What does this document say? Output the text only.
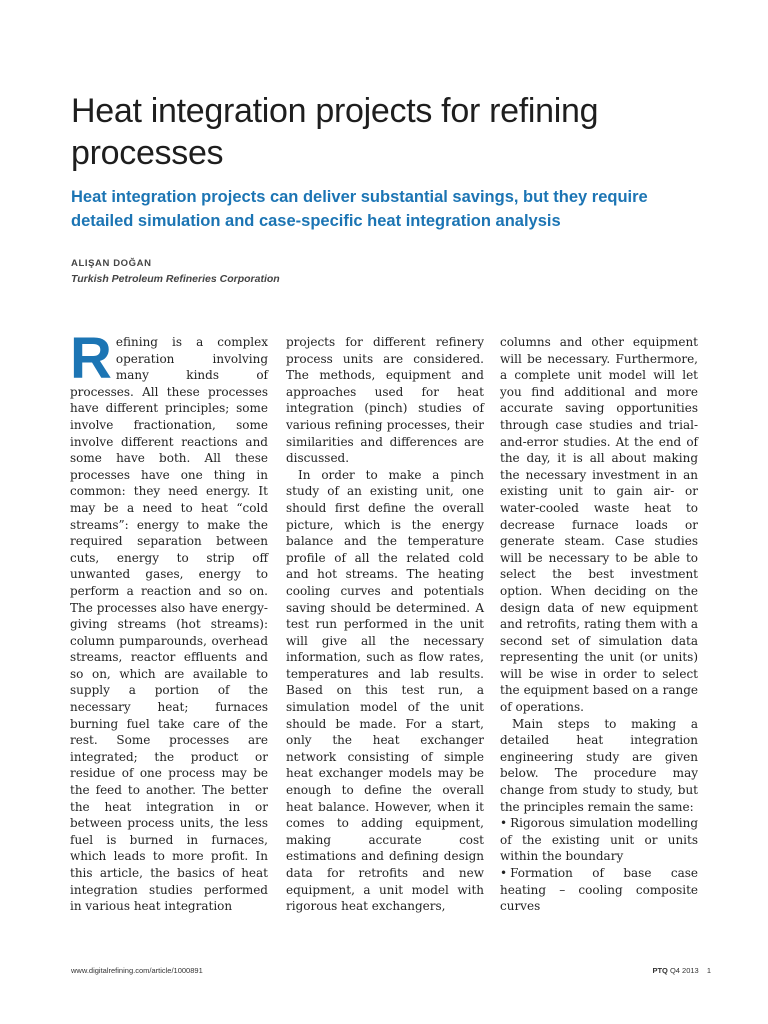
Heat integration projects for refining processes
Heat integration projects can deliver substantial savings, but they require detailed simulation and case-specific heat integration analysis
ALIŞAN DOĞAN
Turkish Petroleum Refineries Corporation

Refining is a complex operation involving many kinds of processes. All these processes have different principles; some involve fractionation, some involve different reactions and some have both. All these processes have one thing in common: they need energy. It may be a need to heat “cold streams”: energy to make the required separation between cuts, energy to strip off unwanted gases, energy to perform a reaction and so on. The processes also have energy-giving streams (hot streams): column pumparounds, overhead streams, reactor effluents and so on, which are available to supply a portion of the necessary heat; furnaces burning fuel take care of the rest. Some processes are integrated; the product or residue of one process may be the feed to another. The better the heat integration in or between process units, the less fuel is burned in furnaces, which leads to more profit. In this article, the basics of heat integration studies performed in various heat integration

projects for different refinery process units are considered. The methods, equipment and approaches used for heat integration (pinch) studies of various refining processes, their similarities and differences are discussed.

In order to make a pinch study of an existing unit, one should first define the overall picture, which is the energy balance and the temperature profile of all the related cold and hot streams. The heating cooling curves and potentials saving should be determined. A test run performed in the unit will give all the necessary information, such as flow rates, temperatures and lab results. Based on this test run, a simulation model of the unit should be made. For a start, only the heat exchanger network consisting of simple heat exchanger models may be enough to define the overall heat balance. However, when it comes to adding equipment, making accurate cost estimations and defining design data for retrofits and new equipment, a unit model with rigorous heat exchangers,

columns and other equipment will be necessary. Furthermore, a complete unit model will let you find additional and more accurate saving opportunities through case studies and trial-and-error studies. At the end of the day, it is all about making the necessary investment in an existing unit to gain air- or water-cooled waste heat to decrease furnace loads or generate steam. Case studies will be necessary to be able to select the best investment option. When deciding on the design data of new equipment and retrofits, rating them with a second set of simulation data representing the unit (or units) will be wise in order to select the equipment based on a range of operations.

Main steps to making a detailed heat integration engineering study are given below. The procedure may change from study to study, but the principles remain the same:

• Rigorous simulation modelling of the existing unit or units within the boundary

• Formation of base case heating – cooling composite curves

www.digitalrefining.com/article/1000891	PTQ Q4 2013 1
